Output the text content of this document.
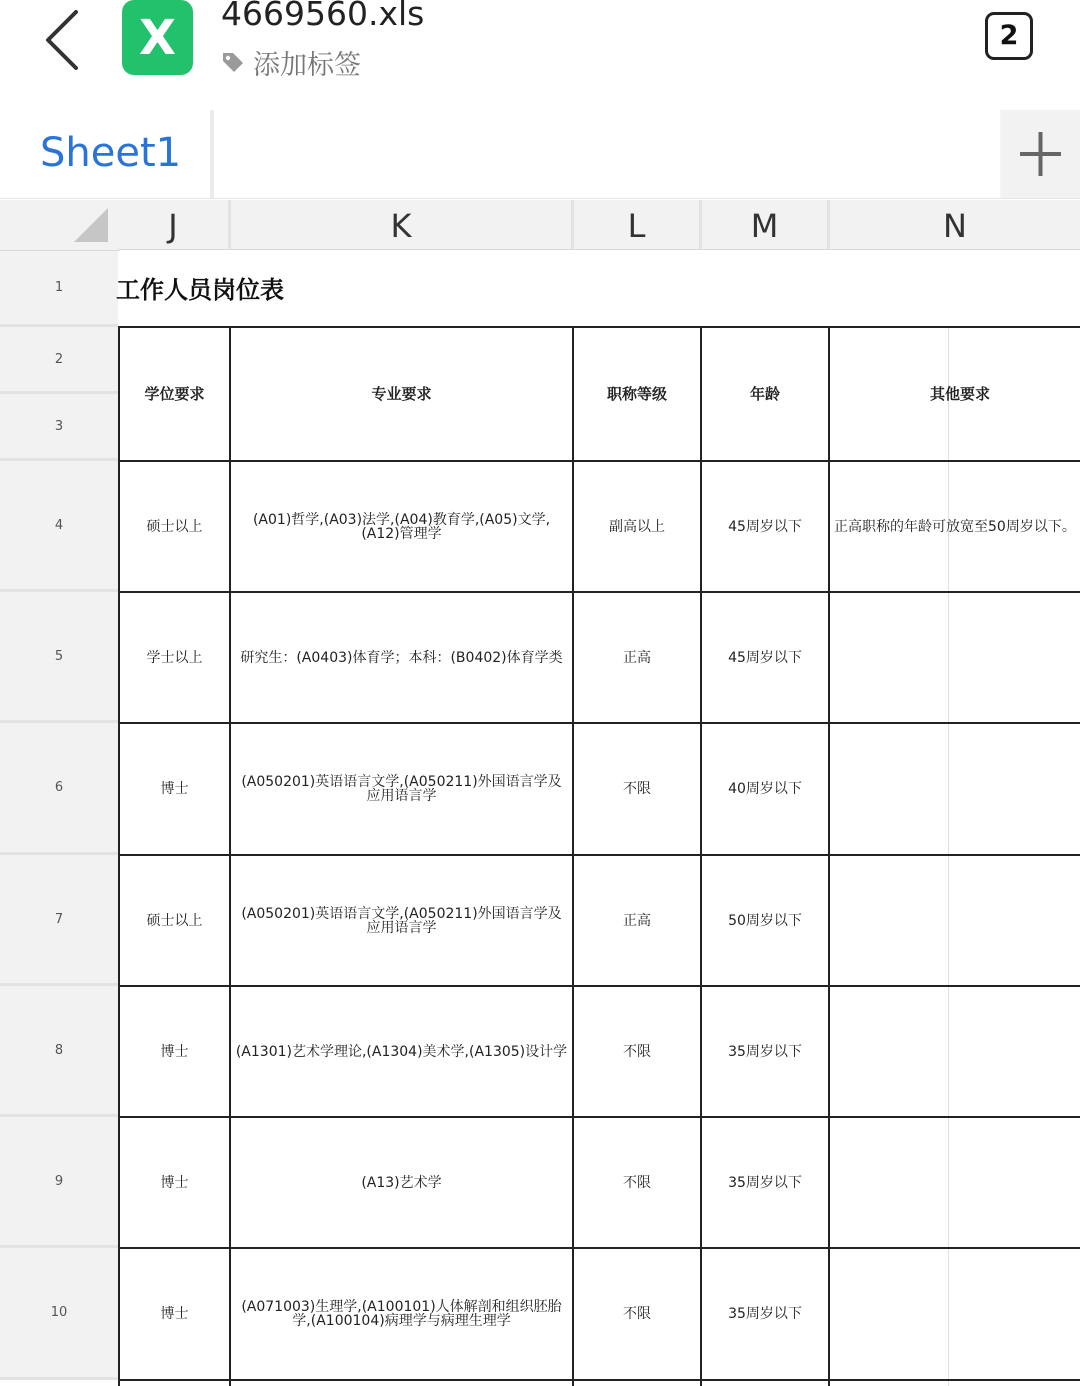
X 4669560.xls
添加标签
2
Sheet1
J	K	L	M	N
1
2
3
4
5
6
7
8
9
10
工作人员岗位表
学位要求	专业要求	职称等级	年龄	其他要求
硕士以上	(A01)哲学,(A03)法学,(A04)教育学,(A05)文学,(A12)管理学	副高以上	45周岁以下	正高职称的年龄可放宽至50周岁以下。
学士以上	研究生：(A0403)体育学；本科：(B0402)体育学类	正高	45周岁以下
博士	(A050201)英语语言文学,(A050211)外国语言学及应用语言学	不限	40周岁以下
硕士以上	(A050201)英语语言文学,(A050211)外国语言学及应用语言学	正高	50周岁以下
博士	(A1301)艺术学理论,(A1304)美术学,(A1305)设计学	不限	35周岁以下
博士	(A13)艺术学	不限	35周岁以下
博士	(A071003)生理学,(A100101)人体解剖和组织胚胎学,(A100104)病理学与病理生理学	不限	35周岁以下
